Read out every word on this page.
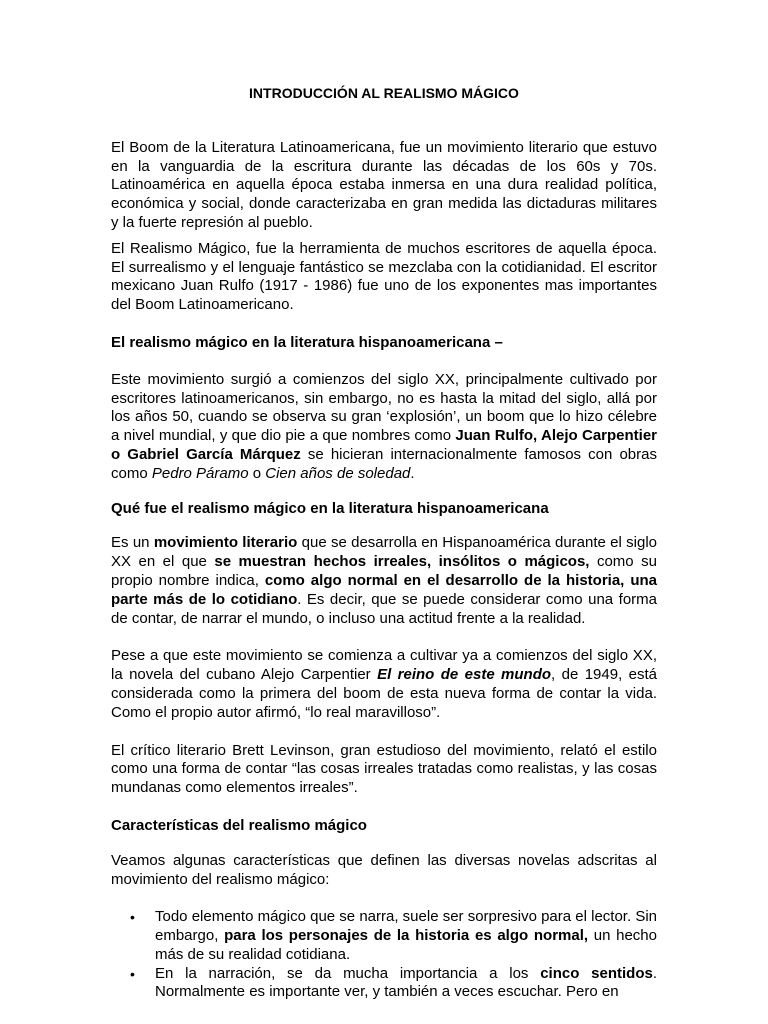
INTRODUCCIÓN AL REALISMO MÁGICO

El Boom de la Literatura Latinoamericana, fue un movimiento literario que estuvo en la vanguardia de la escritura durante las décadas de los 60s y 70s. Latinoamérica en aquella época estaba inmersa en una dura realidad política, económica y social, donde caracterizaba en gran medida las dictaduras militares y la fuerte represión al pueblo.

El Realismo Mágico, fue la herramienta de muchos escritores de aquella época. El surrealismo y el lenguaje fantástico se mezclaba con la cotidianidad. El escritor mexicano Juan Rulfo (1917 - 1986) fue uno de los exponentes mas importantes del Boom Latinoamericano.

El realismo mágico en la literatura hispanoamericana –

Este movimiento surgió a comienzos del siglo XX, principalmente cultivado por escritores latinoamericanos, sin embargo, no es hasta la mitad del siglo, allá por los años 50, cuando se observa su gran ‘explosión’, un boom que lo hizo célebre a nivel mundial, y que dio pie a que nombres como Juan Rulfo, Alejo Carpentier o Gabriel García Márquez se hicieran internacionalmente famosos con obras como Pedro Páramo o Cien años de soledad.

Qué fue el realismo mágico en la literatura hispanoamericana

Es un movimiento literario que se desarrolla en Hispanoamérica durante el siglo XX en el que se muestran hechos irreales, insólitos o mágicos, como su propio nombre indica, como algo normal en el desarrollo de la historia, una parte más de lo cotidiano. Es decir, que se puede considerar como una forma de contar, de narrar el mundo, o incluso una actitud frente a la realidad.

Pese a que este movimiento se comienza a cultivar ya a comienzos del siglo XX, la novela del cubano Alejo Carpentier El reino de este mundo, de 1949, está considerada como la primera del boom de esta nueva forma de contar la vida. Como el propio autor afirmó, “lo real maravilloso”.

El crítico literario Brett Levinson, gran estudioso del movimiento, relató el estilo como una forma de contar “las cosas irreales tratadas como realistas, y las cosas mundanas como elementos irreales”.

Características del realismo mágico

Veamos algunas características que definen las diversas novelas adscritas al movimiento del realismo mágico:

• Todo elemento mágico que se narra, suele ser sorpresivo para el lector. Sin embargo, para los personajes de la historia es algo normal, un hecho más de su realidad cotidiana.
• En la narración, se da mucha importancia a los cinco sentidos. Normalmente es importante ver, y también a veces escuchar. Pero en
